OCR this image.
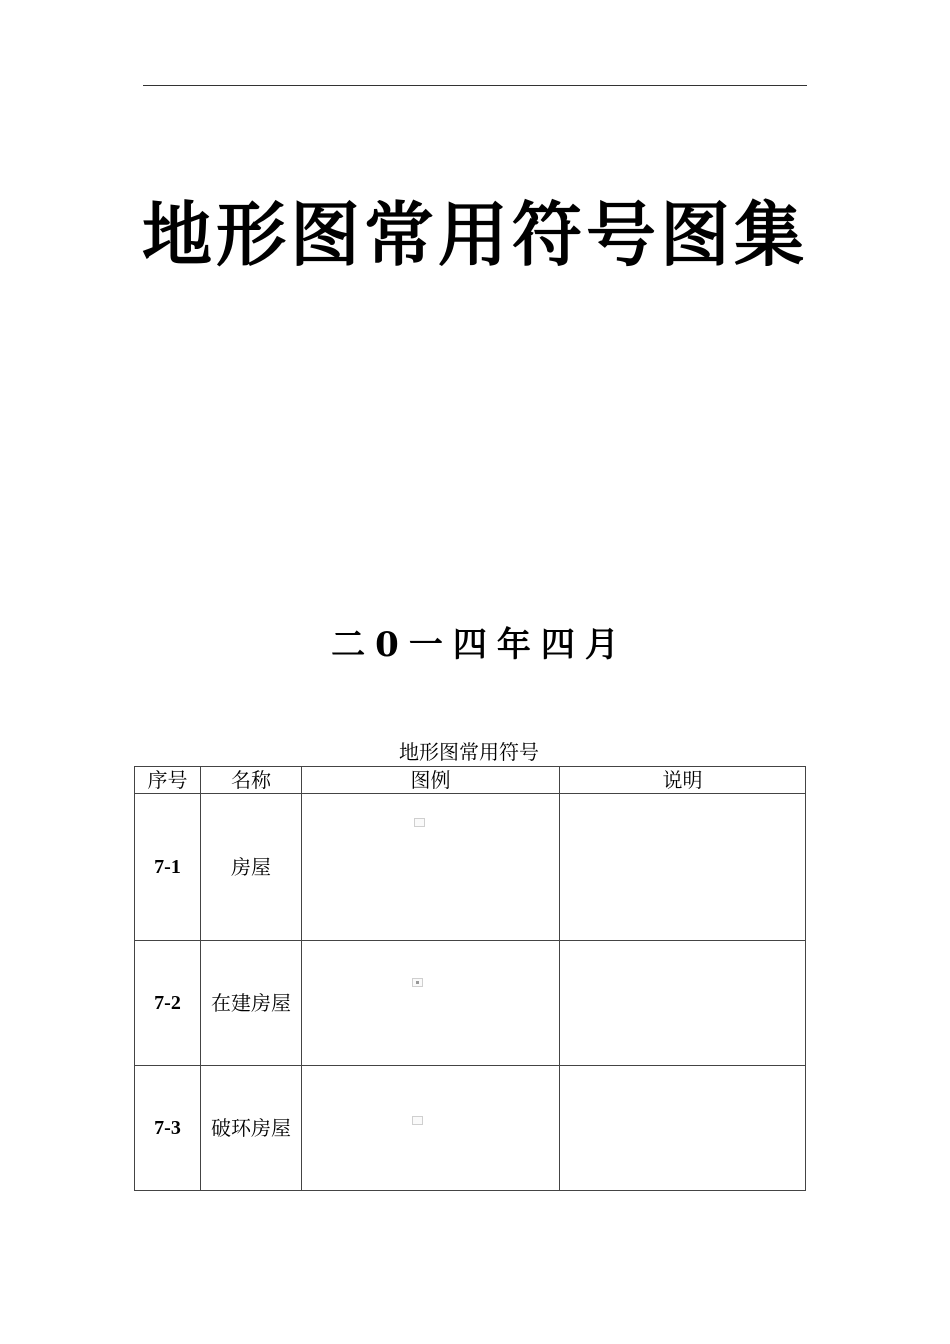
地形图常用符号图集
二 0 一 四 年 四 月
地形图常用符号
序号	名称	图例	说明
7-1	房屋	

7-2	在建房屋	

7-3	破环房屋	
